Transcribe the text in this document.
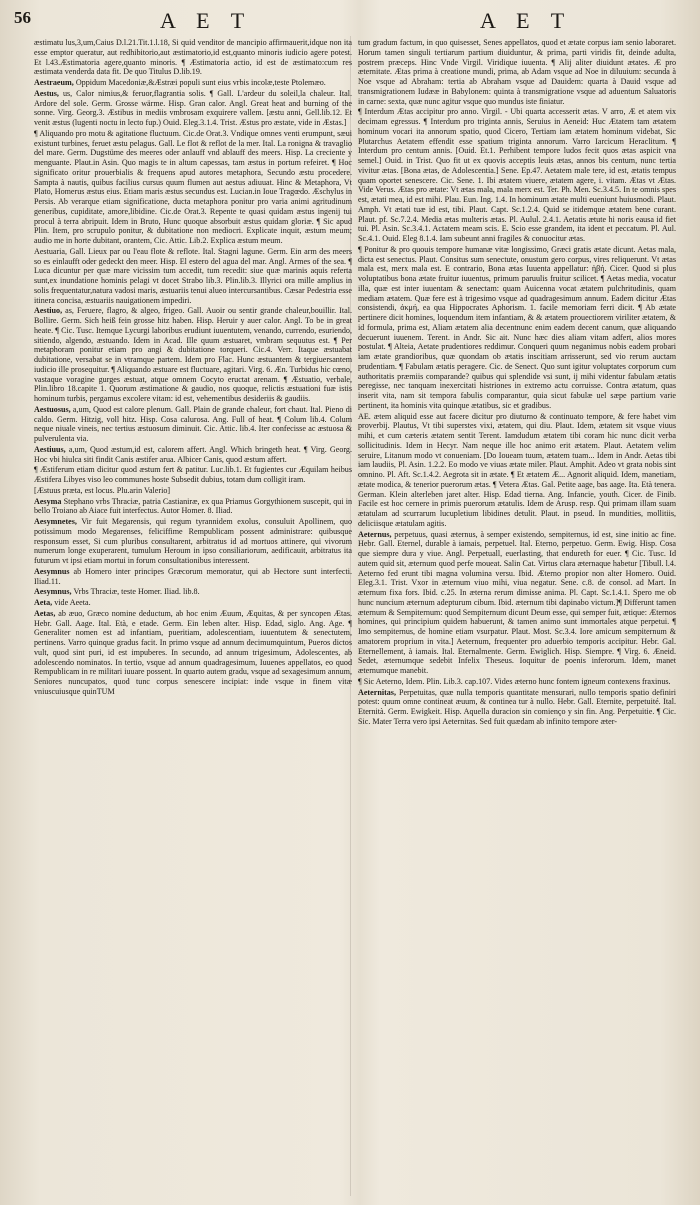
56	A E T	A E T

æstimatu lus,3,um,Caius D.l.21.Tit.1.l.18, Si quid venditor de mancipio affirmauerit,idque non ita esse emptor queratur, aut redhibitorio,aut æstimatorio,id est,quanto minoris iudicio agere potest. Et l.43.Æstimatoria agere,quanto minoris. ¶ Æstimatoria actio, id est de æstimato:cum res æstimata venderda data fit. De quo Titulus D.lib.19.

Aestraeum, Oppidum Macedoniæ,&Æstræi populi sunt eius vrbis incolæ,teste Ptolemæo.

Aestus, us, Calor nimius,& feruor,flagrantia solis. ¶ Gall. L'ardeur du soleil,la chaleur. Ital. Ardore del sole. Germ. Grosse wärme. Hisp. Gran calor. Angl. Great heat and burning of the sonne. Virg. Georg.3. Æstibus in mediis vmbrosam exquirere vallem. [æstu anni, Gell.lib.12. Et venit æstus (lugenti noctu in lecto fup.) Ouid. Eleg.3.1.4. Trist. Æstus pro æstate, vide in Æstas.]

¶ Aliquando pro motu & agitatione fluctuum. Cic.de Orat.3. Vndique omnes venti erumpunt, sæui existunt turbines, feruet æstu pelagus. Gall. Le flot & reflot de la mer. Ital. La ronigna & travaglio del mare. Germ. Dugstüme des meeres oder anlauff vnd ablauff des meers. Hisp. La creciente y menguante. Plaut.in Asin. Quo magis te in altum capessas, tam æstus in portum refeiret. ¶ Hoc significato oritur prouerbialis & frequens apud autores metaphora, Secundo æstu procedere. Sampta à nautis, quibus facilius cursus quum flumen aut aestus adiuuat. Hinc & Metaphora, Vt Plato, Homerus æstus eius. Etiam maris æstus secundus est. Lucian.in Ioue Tragœdo. Æschylus in Persis. Ab verarque etiam significatione, ducta metaphora ponitur pro varia animi agritudinum generibus, cupiditate, amore,libidine. Cic.de Orat.3. Repente te quasi quidam æstus ingenij tui procul à terra abripuit. Idem in Bruto, Hunc quoque absorbuit æstus quidam gloriæ. ¶ Sic apud Plin. Item, pro scrupulo ponitur, & dubitatione non mediocri. Explicate inquit, æstum meum; audio me in horte dubitant, orantem, Cic. Attic. Lib.2. Explica æstum meum.

Aestuaria, Gall. Lieux par ou l'eau flote & reflote. Ital. Stagni lagune. Germ. Ein arm des meers so es einlaufft oder gedeckt den meer. Hisp. El estero del agua del mar. Angl. Armes of the sea. ¶ Luca dicuntur per quæ mare vicissim tum accedit, tum recedit: siue quæ marinis aquis referta sunt,ex inundatione hominis pelagi vt docet Strabo lib.3. Plin.lib.3. Illyrici ora mille amplius in solis frequentatur,natura vadosi maris, æstuariis tenui alueo intercursantibus. Cæsar Pedestria esse itinera concisa, æstuariis nauigationem impediri.

Aestiuo, as, Feruere, flagro, & algeo, frigeo. Gall. Auoir ou sentir grande chaleur,bouillir. Ital. Bollire. Germ. Sich heiß fein grosse hitz haben. Hisp. Heruir y auer calor. Angl. To be in great heate. ¶ Cic. Tusc. Itemque Lycurgi laboribus erudiunt iuuentutem, venando, currendo, esuriendo, sitiendo, algendo, æstuando. Idem in Acad. Ille quum æstuaret, vmbram sequutus est. ¶ Per metaphoram ponitur etiam pro angi & dubitatione torqueri. Cic.4. Verr. Itaque æstuabat dubitatione, versabat se in vtramque partem. Idem pro Flac. Hunc æstuantem & tergiuersantem iudicio ille prosequitur. ¶ Aliquando æstuare est fluctuare, agitari. Virg. 6. Æn. Turbidus hic cœno, vastaque voragine gurges æstuat, atque omnem Cocyto eructat arenam. ¶ Æstuatio, verbale, Plin.libro 18.capite 1. Quorum æstimatione & gaudio, nos quoque, relictis æstuationi fuæ istis hominum turbis, pergamus excolere vitam: id est, vehementibus desideriis & gaudiis.

Aestuosus, a,um, Quod est calore plenum. Gall. Plain de grande chaleur, fort chaut. Ital. Pieno di caldo. Germ. Hitzig, voll hitz. Hisp. Cosa calurosa. Ang. Full of heat. ¶ Colum lib.4. Colum neque niuale vineis, nec tertius æstuosum diminuit. Cic. Attic. lib.4. Iter confecisse ac æstuosa & pulverulenta via.

Aestiuus, a,um, Quod æstum,id est, calorem affert. Angl. Which bringeth heat. ¶ Virg. Georg. Hoc vbi hiulca siti findit Canis æstifer arua. Albicer Canis, quod æstum affert.

¶ Æstiferum etiam dicitur quod æstum fert & patitur. Luc.lib.1. Et fugientes cur Æquilam heibus Æstifera Libyes viso leo communes hoste Subsedit dubius, totam dum colligit iram.

[Æstuus præta, est locus. Plu.arin Valerio]

Aesyma Stephano vrbs Thraciæ, patria Castianiræ, ex qua Priamus Gorgythionem suscepit, qui in bello Troiano ab Aiace fuit interfectus. Autor Homer. 8. Iliad.

Aesymnetes, Vir fuit Megarensis, qui regum tyrannidem exolus, consuluit Apollinem, quo potissimum modo Megarenses, feliciffime Rempublicam possent administrare: quibusque responsum esset, Si cum pluribus consultarent, arbitratus id ad mortuos attinere, qui vivorum numerum longe exuperarent, tumulum Heroum in ipso consiliariorum, aedificauit, arbitratus ita futurum vt ipsi etiam mortui in forum consultationibus interessent.

Aesymnus ab Homero inter principes Græcorum memoratur, qui ab Hectore sunt interfecti. Iliad.11.

Aesymnus, Vrbs Thraciæ, teste Homer. Iliad. lib.8.

Aeta, vide Aeeta.

Aetas, ab æuo, Græco nomine deductum, ab hoc enim Æuum, Æquitas, & per syncopen Ætas. Hebr. Gall. Aage. Ital. Età, e etade. Germ. Ein leben alter. Hisp. Edad, siglo. Ang. Age. ¶ Generaliter nomen est ad infantiam, pueritiam, adolescentiam, iuuentutem & senectutem, pertinens. Varro quinque gradus facit. In primo vsque ad annum decimumquintum, Pueros dictos vult, quod sint puri, id est impuberes. In secundo, ad annum trigesimum, Adolescentes, ab adolescendo nominatos. In tertio, vsque ad annum quadragesimum, Iuuenes appellatos, eo quod Rempublicam in re militari iuuare possent. In quarto autem gradu, vsque ad sexagesimum annum, Seniores nuncupatos, quod tunc corpus senescere incipiat: inde vsque in finem vitæ vniuscuiusque quinTUM

tum gradum factum, in quo quisesset, Senes appellatos, quod et ætate corpus iam senio laboraret. Horum tamen singuli tertiarum partium diuiduntur, & prima, parti viridis fit, deinde adulta, postrem præceps. Hinc Vnde Virgil. Viridique iuuenta. ¶ Alij aliter diuidunt ætates. Æ pro æternitate. Ætas prima à creatione mundi, prima, ab Adam vsque ad Noe in diluuium: secunda à Noe vsque ad Abraham: tertia ab Abraham vsque ad Dauidem: quarta à Dauid vsque ad transmigrationem Iudææ in Babylonem: quinta à transmigratione vsque ad aduentum Saluatoris in carne: sexta, quæ nunc agitur vsque quo mundus iste finiatur.

¶ Interdum Ætas accipitur pro anno. Virgil. - Ubi quarta accesserit ætas. V arro, Æ et atem vix decimam egressus. ¶ Interdum pro triginta annis, Seruius in Aeneid: Huc Ætatem tam ætatem hominum vocari ita annorum spatio, quod Cicero, Tertiam iam ætatem hominum videbat, Sic Plutarchus Aetatem effendit esse spatium triginta annorum. Varro Iarcicum Heraclitum. ¶ Interdum pro centum annis. [Ouid. Et.1. Perhibent tempore ludos fecit quos ætas aspicit vna semel.] Ouid. in Trist. Quo fit ut ex quovis acceptis leuis ætas, annos bis centum, nunc tertia vivitur ætas. [Bona ætas, de Adolescentia.] Sene. Ep.47. Aetatem male tere, id est, ætatis tempus quam oportet senescere. Cic. Sene. 1. Ibi ætatem viuere, ætatem agere, i. vitam. Ætas vt Ætas. Vide Verus. Ætas pro ætate: Vt ætas mala, mala merx est. Ter. Ph. Men. Sc.3.4.5. In te omnis spes est, ætati mea, id est mihi. Plau. Eun. Ing. 1.4. In hominum ætate multi eueniunt huiusmodi. Plaut. Amph. Vt ætati tuæ id est, tibi. Plaut. Capt. Sc.1.2.4. Quid se itidemque ætatem bene curant. Plaut. pf. Sc.7.2.4. Media ætas multeris ætas. Pl. Aulul. 2.4.1. Aetatis ætute hi noris eausa id fiet tui. Pl. Asin. Sc.3.4.1. Actatem meam scis. E. Scio esse grandem, ita ident et peccatum. Pl. Aul. Sc.4.1. Ouid. Eleg 8.1.4. Iam subeunt anni fragiles & conuocitur ætas.

¶ Ponitur & pro quouis tempore humanæ vitæ longissimo, Græci gratis ætate dicunt. Aetas mala, dicta est senectus. Plaut. Consitus sum senectute, onustum gero corpus, vires reliquerunt. Vt ætas mala est, merx mala est. E contrario, Bona ætas Iuuenta appellatur: ἡβή. Cicer. Quod si plus voluptatibus bona ætate fruitur iuuentus, primum paruulis fruitur scilicet. ¶ Aetas media, vocatur illa, quæ est inter iuuentam & senectam: quam Auicenna vocat ætatem pulchritudinis, quam mediam ætatem. Quæ fere est à trigesimo vsque ad quadragesimum annum. Eadem dicitur Ætas consistendi, ἀκμή, ea qua Hippocrates Aphorism. 1. facile memoriam ferri dicit. ¶ Ab ætate pertinere dicit homines, loquendum item infantiam, & & ætatem prouectiorem viriliter ætatem, & id formula, prima est, Aliam ætatem alia decentnunc enim eadem decent canum, quæ aliquando decuerunt iuuenem. Terent. in Andr. Sic ait. Nunc hæc dies aliam vitam adfert, alios mores postulat. ¶ Alteia, Aetate prudentiores reddimur. Conqueri quum neganimus nobis eadem probari iam ætate grandioribus, quæ quondam ob ætatis inscitiam arrisserunt, sed vio rerum auctam prudentiam. ¶ Fabulam ætatis peragere. Cic. de Senect. Quo sunt igitur voluptates corporum cum authoritatis præmiis comparande? quibus qui splendide vsi sunt, ij mihi videntur fabulam ætatis peregisse, nec tanquam inexercitati histriones in extremo actu corruisse. Contra ætatum, quas inserit vita, nam sit tempora fabulis comparantur, quia sicut fabulæ uel sæpe partium varie pertinent, ita hominis vita quinque ætatibus, sic et gradibus.

AE. ætem aliquid esse aut facere dicitur pro diuturno & continuato tempore, & fere habet vim proverbij. Plautus, Vt tibi superstes vixi, ætatem, qui diu. Plaut. Idem, ætatem sit vsque viuus mihi, et cum cæteris ætatem sentit Terent. Iamdudum ætatem tibi coram hic nunc dicit verba sollicitudinis. Idem in Hecyr. Nam neque ille hoc animo erit ætatem. Plaut. Aetatem velim seruire, Litanum modo vt conueniam. [Do Ioueam tuum, ætatem tuam... Idem in Andr. Aetas tibi iam laudiis, Pl. Asin. 1.2.2. Eo modo ve viuas ætate miler. Plaut. Amphit. Adeo vt grata nobis sint omnino. Pl. Aft. Sc.1.4.2. Aegrota sit in ætate. ¶ Et ætatem Æ... Agnorit aliquid. Idem, manetiam, ætate modica, & tenerior puerorum ætas. ¶ Vetera Ætas. Gal. Petite aage, bas aage. Ita. Età tenera. German. Klein alterleben jaret alter. Hisp. Edad tierna. Ang. Infancie, youth. Cicer. de Finib. Facile est hoc cernere in primis puerorum ætatulis. Idem de Arusp. resp. Qui primam illam suam ætatulam ad scurrarum lucupletium libidines detulit. Plaut. in pseud. In mundities, mollitiis, deliciisque ætatulam agitis.

Aeternus, perpetuus, quasi æternus, à semper existendo, sempiternus, id est, sine initio ac fine. Hebr. Gall. Eternel, durable à iamais, perpetuel. Ital. Eterno, perpetuo. Germ. Ewig. Hisp. Cosa que siempre dura y viue. Angl. Perpetuall, euerlasting, that endureth for euer. ¶ Cic. Tusc. Id autem quid sit, æternum quod perfe moueat. Salin Cat. Virtus clara æternaque habetur [Tibull. l.4. Aeterno fed erunt tibi magna volumina versu. Ibid. Æterno propior non alter Homero. Ouid. Eleg.3.1. Trist. Vxor in æternum viuo mihi, viua negatur. Sene. c.8. de consol. ad Mart. In æternum fixa fors. Ibid. c.25. In æterna rerum dimisse anima. Pl. Capt. Sc.1.4.1. Spero me ob hunc nuncium æternum adepturum cibum. Ibid. æternum tibi dapinabo victum.]¶ Differunt tamen æternum & Sempiternum: quod Sempiternum dicunt Deum esse, qui semper fuit, ætique: Æternos homines, qui principium quidem habuerunt, & tamen animo sunt immortales atque perpetui. ¶ Imo sempiternus, de homine etiam vsurpatur. Plaut. Most. Sc.3.4. Iore amicum sempiternum & amatorem proprium in vita.] Aeternum, frequenter pro aduerbio temporis accipitur. Hebr. Gal. Eternellement, à iamais. Ital. Eternalmente. Germ. Ewiglich. Hisp. Siempre. ¶ Virg. 6. Æneid. Sedet, æternumque sedebit Infelix Theseus. Ioquitur de poenis inferorum. Idem, manet æternumque manebit.

¶ Sic Aeterno, Idem. Plin. Lib.3. cap.107. Vides æterno hunc fontem igneum contexens fraxinus.

Aeternitas, Perpetuitas, quæ nulla temporis quantitate mensurari, nullo temporis spatio definiri potest: quum omne contineat æuum, & continea tur à nullo. Hebr. Gall. Eternite, perpetuité. Ital. Eternità. Germ. Ewigkeit. Hisp. Aquella duracion sin comienço y sin fin. Ang. Perpetuitie. ¶ Cic. Sic. Mater Terra vero ipsi Aeternitas. Sed fuit quædam ab infinito tempore æter-
